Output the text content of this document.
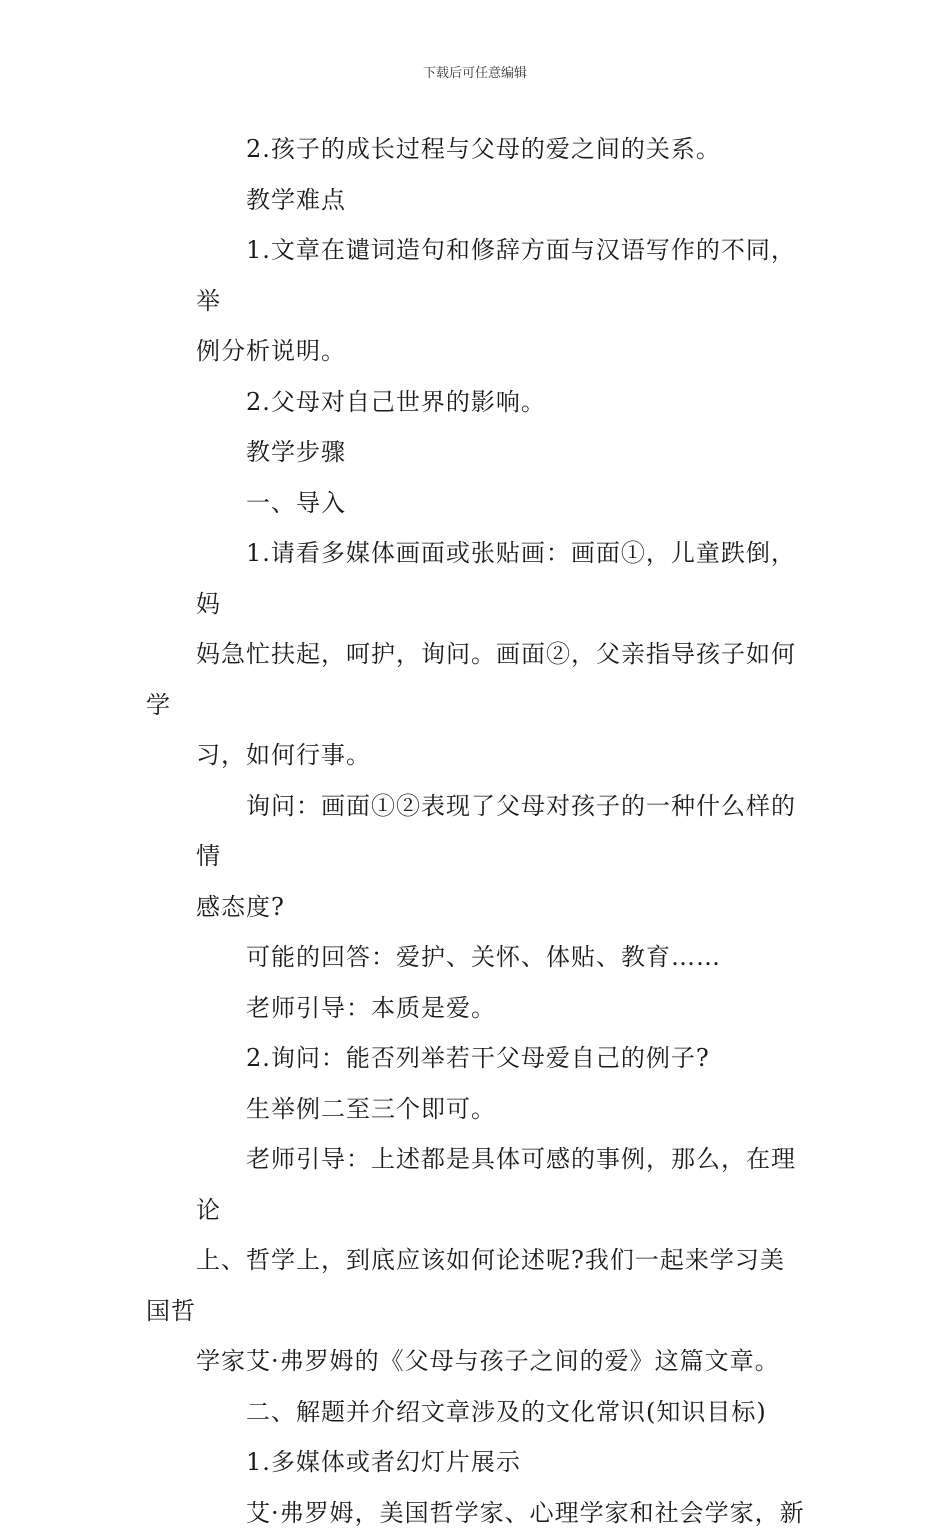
下载后可任意编辑

2.孩子的成长过程与父母的爱之间的关系。

教学难点

1.文章在谴词造句和修辞方面与汉语写作的不同，举
例分析说明。

2.父母对自己世界的影响。

教学步骤

一、导入

1.请看多媒体画面或张贴画：画面①，儿童跌倒，妈
妈急忙扶起，呵护，询问。画面②，父亲指导孩子如何学
习，如何行事。

询问：画面①②表现了父母对孩子的一种什么样的情
感态度?

可能的回答：爱护、关怀、体贴、教育……

老师引导：本质是爱。

2.询问：能否列举若干父母爱自己的例子?

生举例二至三个即可。

老师引导：上述都是具体可感的事例，那么，在理论
上、哲学上，到底应该如何论述呢?我们一起来学习美国哲
学家艾·弗罗姆的《父母与孩子之间的爱》这篇文章。

二、解题并介绍文章涉及的文化常识(知识目标)

1.多媒体或者幻灯片展示

艾·弗罗姆，美国哲学家、心理学家和社会学家，新
